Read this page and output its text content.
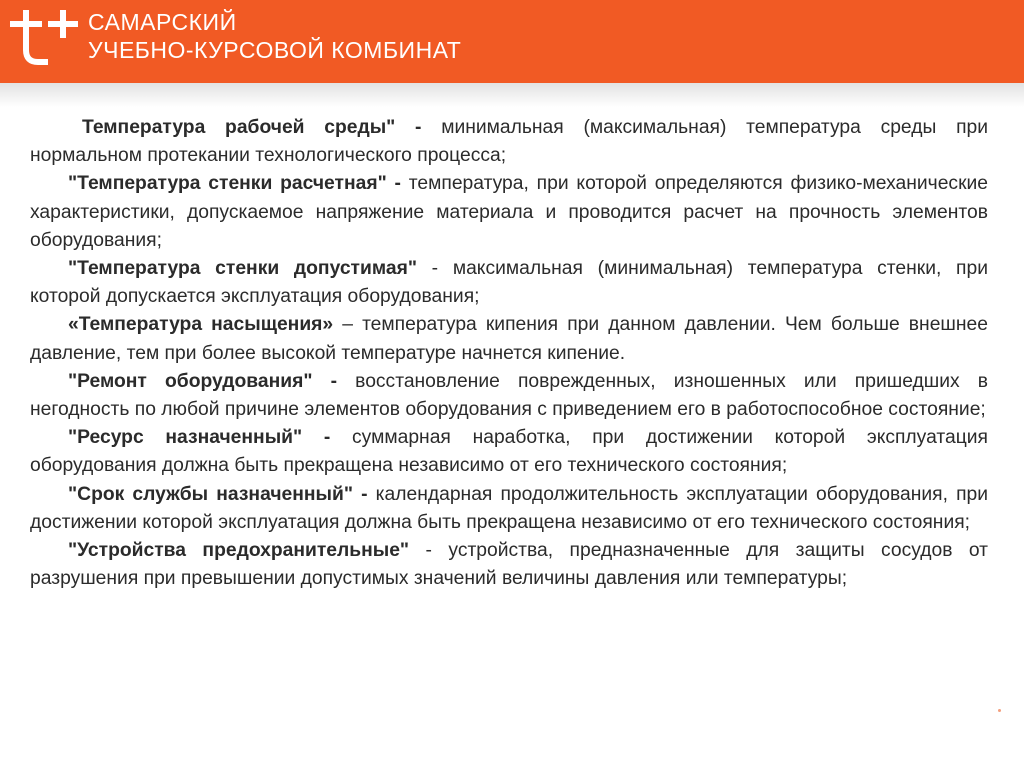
САМАРСКИЙ
УЧЕБНО-КУРСОВОЙ КОМБИНАТ

Температура рабочей среды" - минимальная (максимальная) температура среды при нормальном протекании технологического процесса;

"Температура стенки расчетная" - температура, при которой определяются физико-механические характеристики, допускаемое напряжение материала и проводится расчет на прочность элементов оборудования;

"Температура стенки допустимая" - максимальная (минимальная) температура стенки, при которой допускается эксплуатация оборудования;

«Температура насыщения» – температура кипения при данном давлении. Чем больше внешнее давление, тем при более высокой температуре начнется кипение.

"Ремонт оборудования" - восстановление поврежденных, изношенных или пришедших в негодность по любой причине элементов оборудования с приведением его в работоспособное состояние;

"Ресурс назначенный" - суммарная наработка, при достижении которой эксплуатация оборудования должна быть прекращена независимо от его технического состояния;

"Срок службы назначенный" - календарная продолжительность эксплуатации оборудования, при достижении которой эксплуатация должна быть прекращена независимо от его технического состояния;

"Устройства предохранительные" - устройства, предназначенные для защиты сосудов от разрушения при превышении допустимых значений величины давления или температуры;
